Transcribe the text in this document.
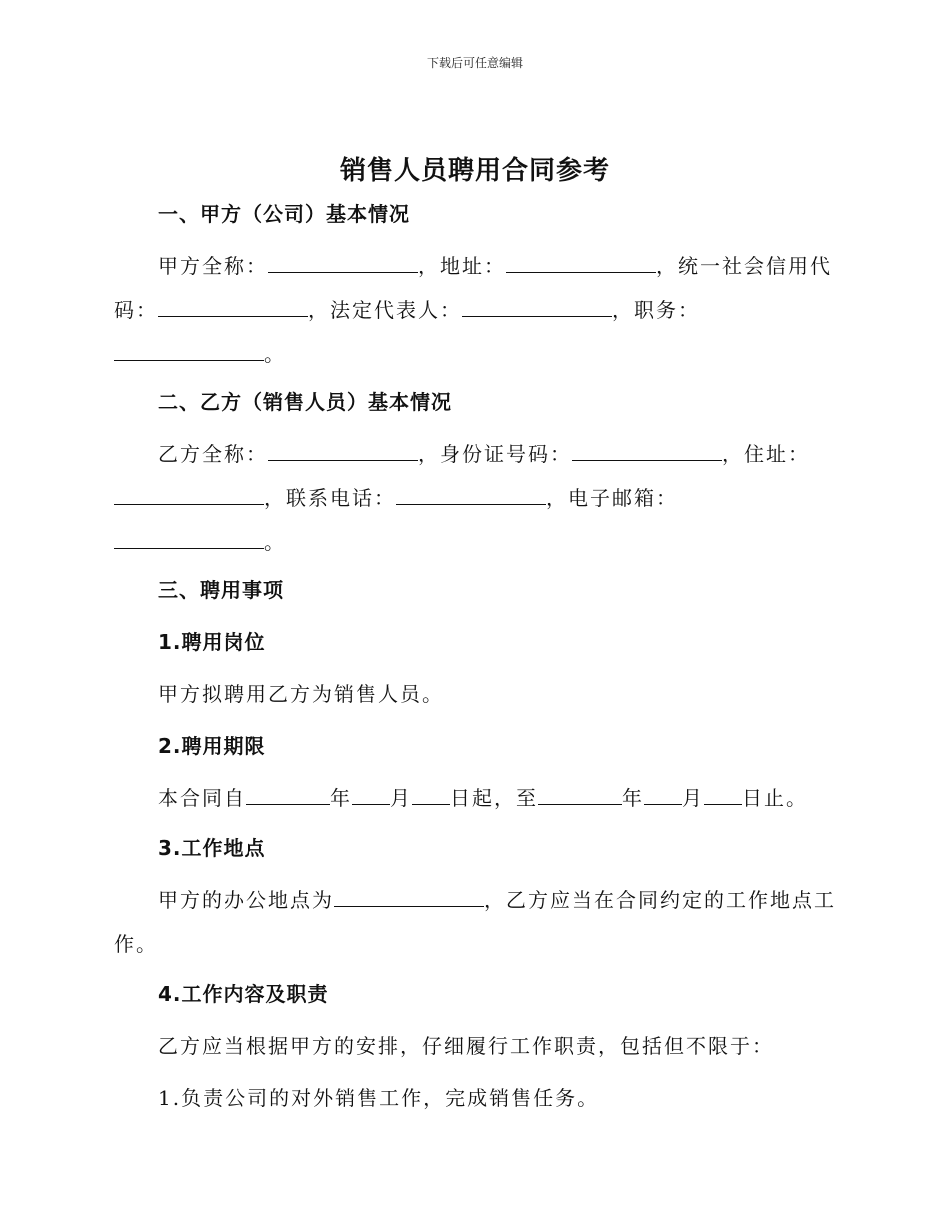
下载后可任意编辑
销售人员聘用合同参考
一、甲方（公司）基本情况
甲方全称：	，地址：	，统一社会信用代
码：	，法定代表人：	，职务：
。
二、乙方（销售人员）基本情况
乙方全称：	，身份证号码：	，住址：
，联系电话：	，电子邮箱：
。
三、聘用事项
1.聘用岗位
甲方拟聘用乙方为销售人员。
2.聘用期限
本合同自	年 月 日起，至	年 月 日止。
3.工作地点
甲方的办公地点为	，乙方应当在合同约定的工作地点工
作。
4.工作内容及职责
乙方应当根据甲方的安排，仔细履行工作职责，包括但不限于：
1.负责公司的对外销售工作，完成销售任务。
